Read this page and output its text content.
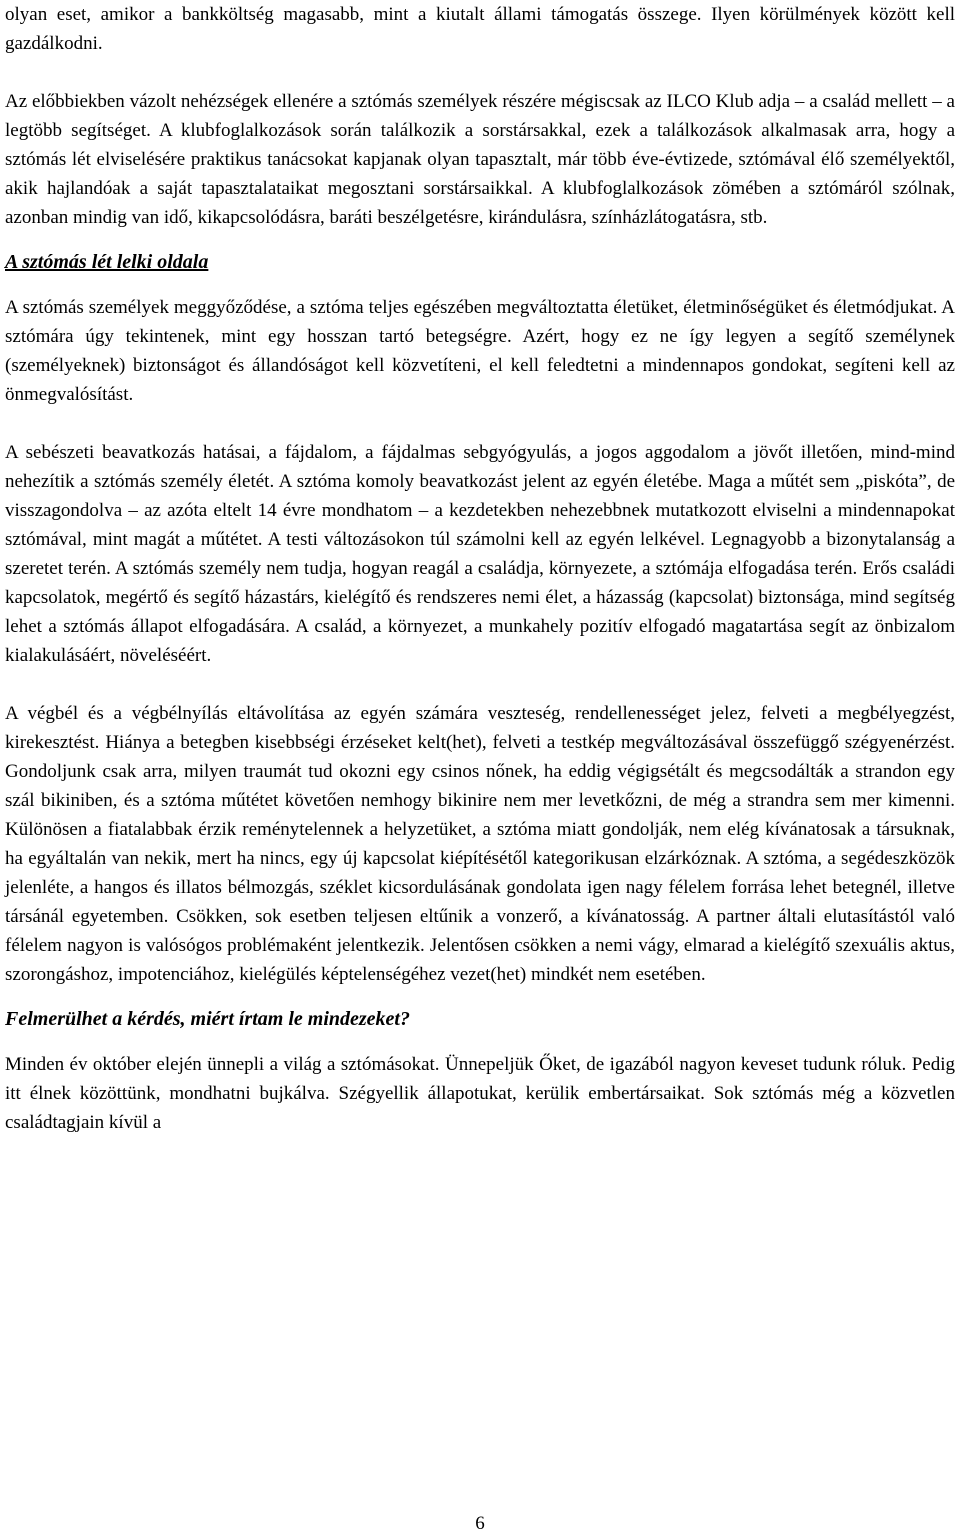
olyan eset, amikor a bankköltség magasabb, mint a kiutalt állami támogatás összege. Ilyen körülmények között kell gazdálkodni.

Az előbbiekben vázolt nehézségek ellenére a sztómás személyek részére mégiscsak az ILCO Klub adja – a család mellett – a legtöbb segítséget. A klubfoglalkozások során találkozik a sorstársakkal, ezek a találkozások alkalmasak arra, hogy a sztómás lét elviselésére praktikus tanácsokat kapjanak olyan tapasztalt, már több éve-évtizede, sztómával élő személyektől, akik hajlandóak a saját tapasztalataikat megosztani sorstársaikkal. A klubfoglalkozások zömében a sztómáról szólnak, azonban mindig van idő, kikapcsolódásra, baráti beszélgetésre, kirándulásra, színházlátogatásra, stb.

A sztómás lét lelki oldala

A sztómás személyek meggyőződése, a sztóma teljes egészében megváltoztatta életüket, életminőségüket és életmódjukat. A sztómára úgy tekintenek, mint egy hosszan tartó betegségre. Azért, hogy ez ne így legyen a segítő személynek (személyeknek) biztonságot és állandóságot kell közvetíteni, el kell feledtetni a mindennapos gondokat, segíteni kell az önmegvalósítást.

A sebészeti beavatkozás hatásai, a fájdalom, a fájdalmas sebgyógyulás, a jogos aggodalom a jövőt illetően, mind-mind nehezítik a sztómás személy életét. A sztóma komoly beavatkozást jelent az egyén életébe. Maga a műtét sem „piskóta”, de visszagondolva – az azóta eltelt 14 évre mondhatom – a kezdetekben nehezebbnek mutatkozott elviselni a mindennapokat sztómával, mint magát a műtétet. A testi változásokon túl számolni kell az egyén lelkével. Legnagyobb a bizonytalanság a szeretet terén. A sztómás személy nem tudja, hogyan reagál a családja, környezete, a sztómája elfogadása terén. Erős családi kapcsolatok, megértő és segítő házastárs, kielégítő és rendszeres nemi élet, a házasság (kapcsolat) biztonsága, mind segítség lehet a sztómás állapot elfogadására. A család, a környezet, a munkahely pozitív elfogadó magatartása segít az önbizalom kialakulásáért, növeléséért.

A végbél és a végbélnyílás eltávolítása az egyén számára veszteség, rendellenességet jelez, felveti a megbélyegzést, kirekesztést. Hiánya a betegben kisebbségi érzéseket kelt(het), felveti a testkép megváltozásával összefüggő szégyenérzést. Gondoljunk csak arra, milyen traumát tud okozni egy csinos nőnek, ha eddig végigsétált és megcsodálták a strandon egy szál bikiniben, és a sztóma műtétet követően nemhogy bikinire nem mer levetkőzni, de még a strandra sem mer kimenni. Különösen a fiatalabbak érzik reménytelennek a helyzetüket, a sztóma miatt gondolják, nem elég kívánatosak a társuknak, ha egyáltalán van nekik, mert ha nincs, egy új kapcsolat kiépítésétől kategorikusan elzárkóznak. A sztóma, a segédeszközök jelenléte, a hangos és illatos bélmozgás, széklet kicsordulásának gondolata igen nagy félelem forrása lehet betegnél, illetve társánál egyetemben. Csökken, sok esetben teljesen eltűnik a vonzerő, a kívánatosság. A partner általi elutasítástól való félelem nagyon is valósógos problémaként jelentkezik. Jelentősen csökken a nemi vágy, elmarad a kielégítő szexuális aktus, szorongáshoz, impotenciához, kielégülés képtelenségéhez vezet(het) mindkét nem esetében.

Felmerülhet a kérdés, miért írtam le mindezeket?

Minden év október elején ünnepli a világ a sztómásokat. Ünnepeljük Őket, de igazából nagyon keveset tudunk róluk. Pedig itt élnek közöttünk, mondhatni bujkálva. Szégyellik állapotukat, kerülik embertársaikat. Sok sztómás még a közvetlen családtagjain kívül a

6
